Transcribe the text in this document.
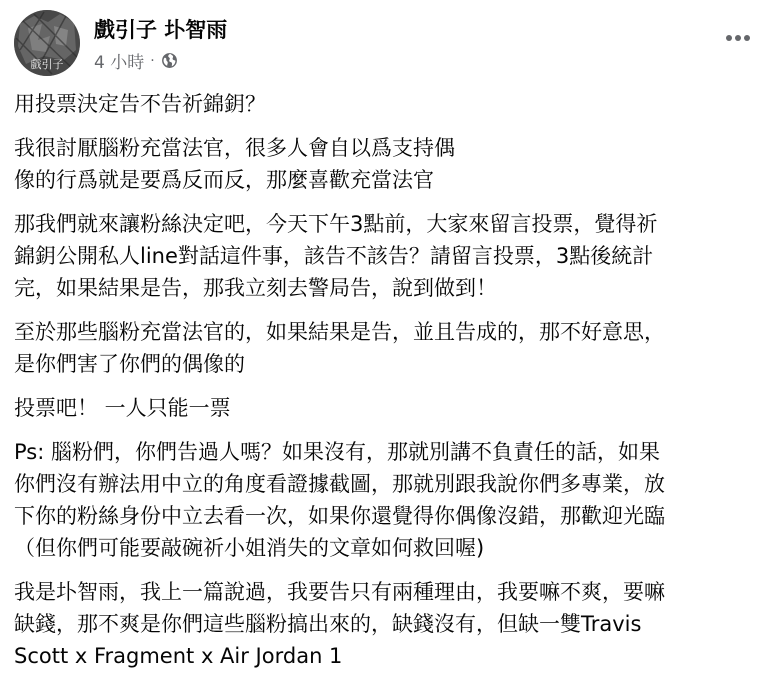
戲引子
戲引子 圤智雨
4 小時 ·
用投票決定告不告祈錦鈅？
我很討厭腦粉充當法官，很多人會自以爲支持偶
像的行爲就是要爲反而反，那麼喜歡充當法官
那我們就來讓粉絲決定吧，今天下午3點前，大家來留言投票，覺得祈
錦鈅公開私人line對話這件事，該告不該告？請留言投票，3點後統計
完，如果結果是告，那我立刻去警局告，說到做到！
至於那些腦粉充當法官的，如果結果是告，並且告成的，那不好意思，
是你們害了你們的偶像的
投票吧！ 一人只能一票
Ps: 腦粉們，你們告過人嗎？如果沒有，那就別講不負責任的話，如果
你們沒有辦法用中立的角度看證據截圖，那就別跟我說你們多專業，放
下你的粉絲身份中立去看一次，如果你還覺得你偶像沒錯，那歡迎光臨
（但你們可能要敲碗祈小姐消失的文章如何救回喔)
我是圤智雨，我上一篇說過，我要告只有兩種理由，我要嘛不爽，要嘛
缺錢，那不爽是你們這些腦粉搞出來的，缺錢沒有，但缺一雙Travis
Scott x Fragment x Air Jordan 1
